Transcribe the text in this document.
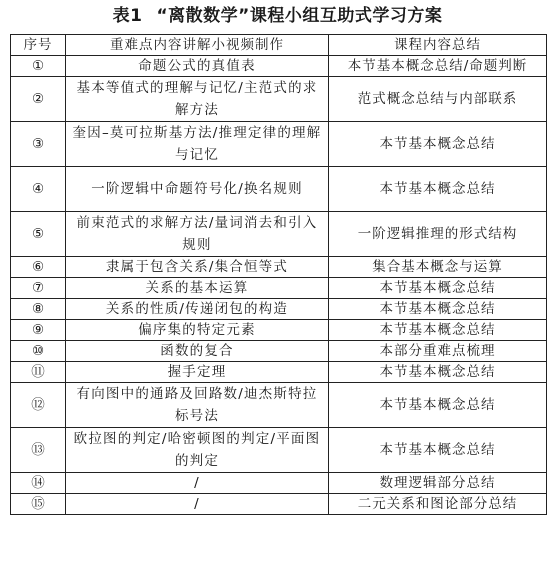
表1 “离散数学”课程小组互助式学习方案
序号	重难点内容讲解小视频制作	课程内容总结
①	命题公式的真值表	本节基本概念总结/命题判断
②	基本等值式的理解与记忆/主范式的求解方法	范式概念总结与内部联系
③	奎因–莫可拉斯基方法/推理定律的理解与记忆	本节基本概念总结
④	一阶逻辑中命题符号化/换名规则	本节基本概念总结
⑤	前束范式的求解方法/量词消去和引入规则	一阶逻辑推理的形式结构
⑥	隶属于包含关系/集合恒等式	集合基本概念与运算
⑦	关系的基本运算	本节基本概念总结
⑧	关系的性质/传递闭包的构造	本节基本概念总结
⑨	偏序集的特定元素	本节基本概念总结
⑩	函数的复合	本部分重难点梳理
⑪	握手定理	本节基本概念总结
⑫	有向图中的通路及回路数/迪杰斯特拉标号法	本节基本概念总结
⑬	欧拉图的判定/哈密顿图的判定/平面图的判定	本节基本概念总结
⑭	/	数理逻辑部分总结
⑮	/	二元关系和图论部分总结
